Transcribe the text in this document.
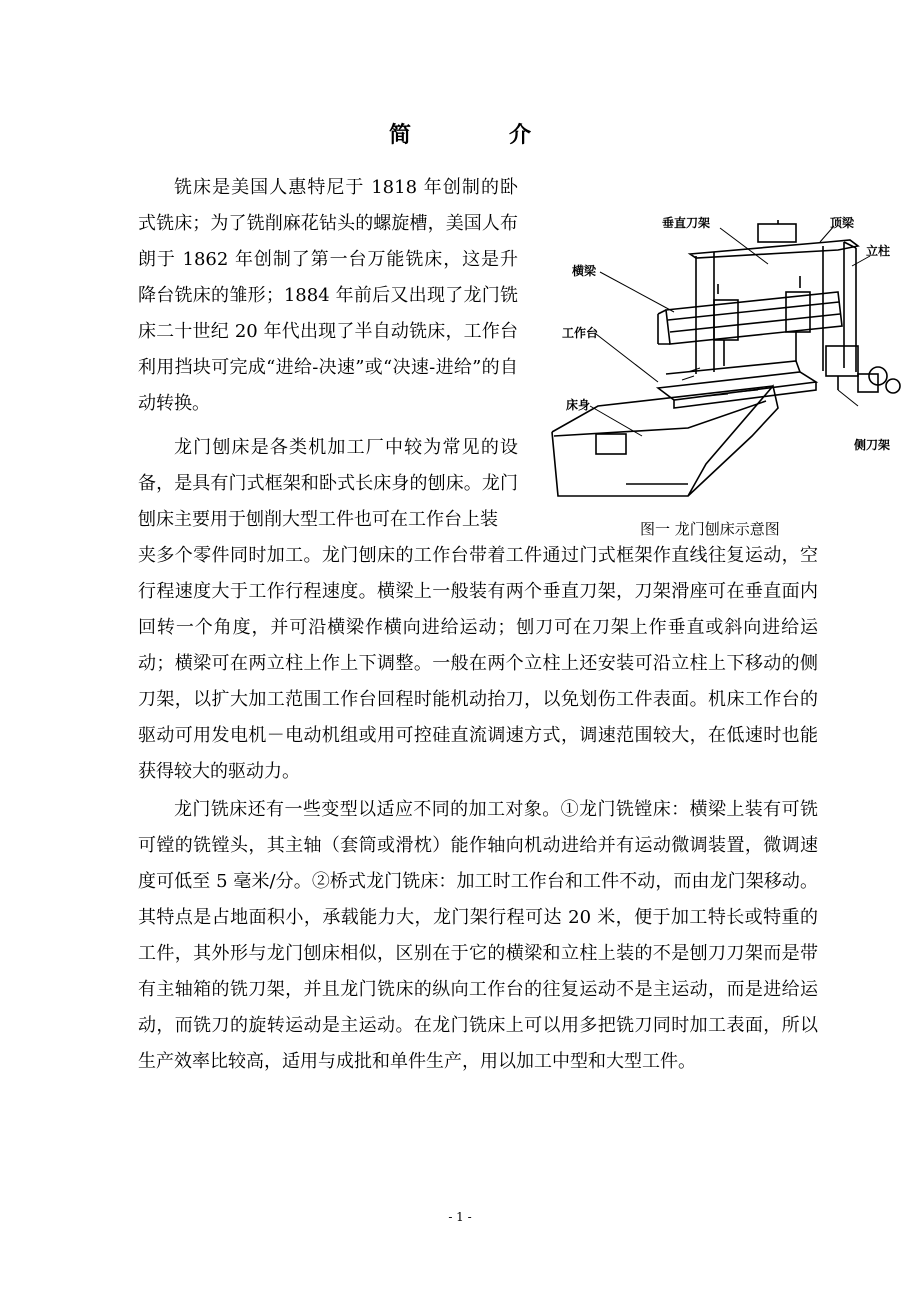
简　介

铣床是美国人惠特尼于 1818 年创制的卧式铣床；为了铣削麻花钻头的螺旋槽，美国人布朗于 1862 年创制了第一台万能铣床，这是升降台铣床的雏形；1884 年前后又出现了龙门铣床二十世纪 20 年代出现了半自动铣床，工作台利用挡块可完成“进给-决速”或“决速-进给”的自动转换。

龙门刨床是各类机加工厂中较为常见的设备，是具有门式框架和卧式长床身的刨床。龙门刨床主要用于刨削大型工件也可在工作台上装

夹多个零件同时加工。龙门刨床的工作台带着工件通过门式框架作直线往复运动，空行程速度大于工作行程速度。横梁上一般装有两个垂直刀架，刀架滑座可在垂直面内回转一个角度，并可沿横梁作横向进给运动；刨刀可在刀架上作垂直或斜向进给运动；横梁可在两立柱上作上下调整。一般在两个立柱上还安装可沿立柱上下移动的侧刀架，以扩大加工范围工作台回程时能机动抬刀，以免划伤工件表面。机床工作台的驱动可用发电机－电动机组或用可控硅直流调速方式，调速范围较大，在低速时也能获得较大的驱动力。

龙门铣床还有一些变型以适应不同的加工对象。①龙门铣镗床：横梁上装有可铣可镗的铣镗头，其主轴（套筒或滑枕）能作轴向机动进给并有运动微调装置，微调速度可低至 5 毫米/分。②桥式龙门铣床：加工时工作台和工件不动，而由龙门架移动。其特点是占地面积小，承载能力大，龙门架行程可达 20 米，便于加工特长或特重的工件，其外形与龙门刨床相似，区别在于它的横梁和立柱上装的不是刨刀刀架而是带有主轴箱的铣刀架，并且龙门铣床的纵向工作台的往复运动不是主运动，而是进给运动，而铣刀的旋转运动是主运动。在龙门铣床上可以用多把铣刀同时加工表面，所以生产效率比较高，适用与成批和单件生产，用以加工中型和大型工件。

垂直刀架	顶梁
立柱
横梁
工作台
床身
侧刀架
图一 龙门刨床示意图
- 1 -
